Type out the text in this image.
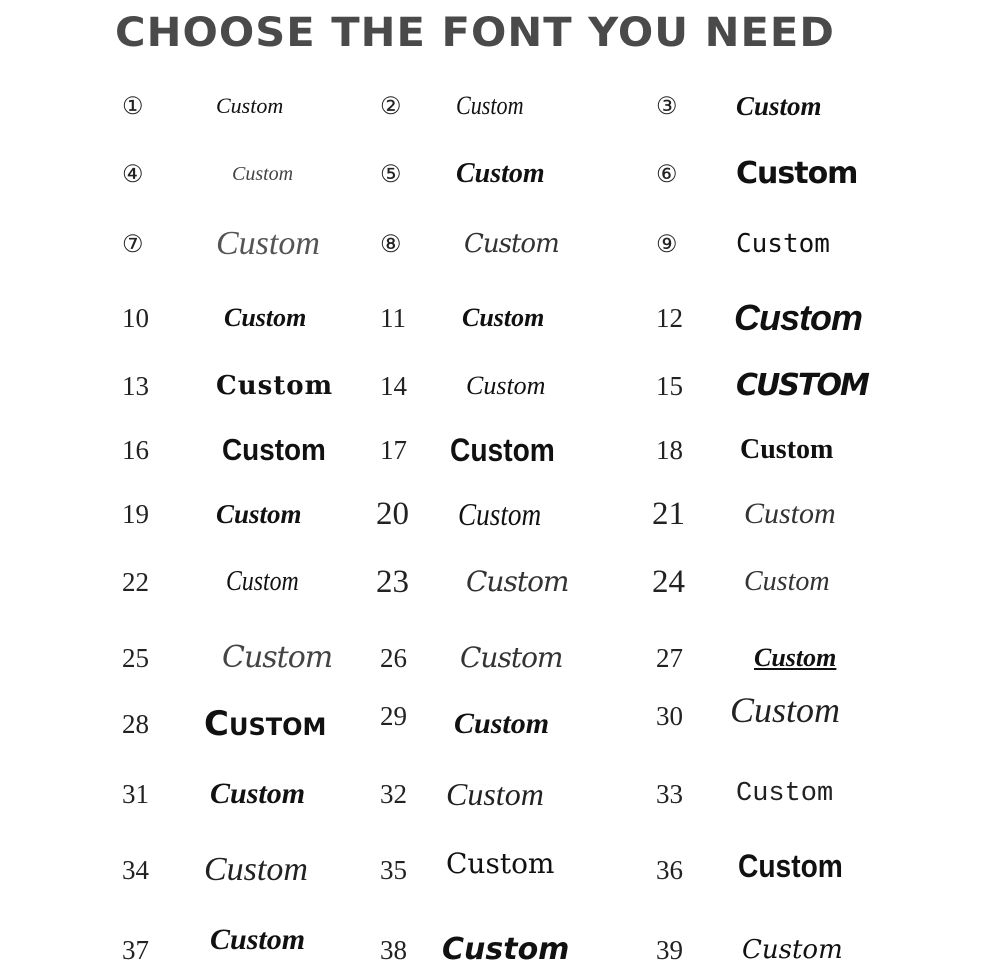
CHOOSE THE FONT YOU NEED
①	Custom	② Custom	③ Custom
④	Custom	⑤ Custom	⑥ Custom
⑦ Custom	⑧ Custom	⑨ Custom
10	Custom	11 Custom	12 Custom
13	Custom 14 Custom	15 CUSTOM
16 Custom 17 Custom	18 Custom
19 Custom 20 Custom	21 Custom
22	Custom 23 Custom	24 Custom
25 Custom 26 Custom	27	Custom
28 Custom 29 Custom	30 Custom
31 Custom	32 Custom	33 Custom
34 Custom	35 Custom	36 Custom
37 Custom	38 Custom	39 Custom
